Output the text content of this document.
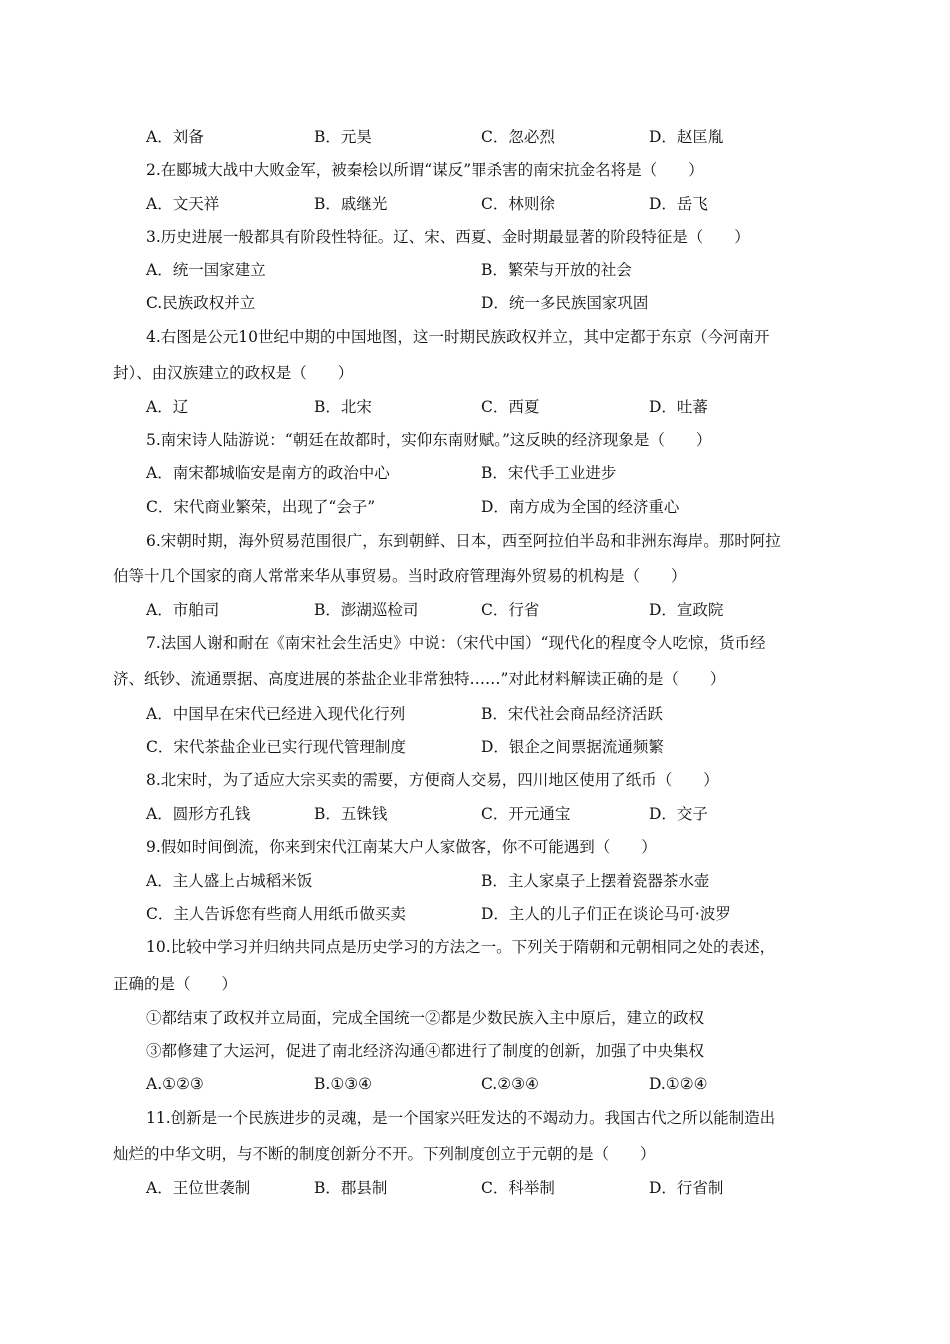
A．刘备	B．元昊	C．忽必烈	D．赵匡胤
2.在郾城大战中大败金军，被秦桧以所谓“谋反”罪杀害的南宋抗金名将是（　　）
A．文天祥	B．戚继光	C．林则徐	D．岳飞
3.历史进展一般都具有阶段性特征。辽、宋、西夏、金时期最显著的阶段特征是（　　）
A．统一国家建立	B．繁荣与开放的社会
C.民族政权并立	D．统一多民族国家巩固
4.右图是公元10世纪中期的中国地图，这一时期民族政权并立，其中定都于东京（今河南开
封）、由汉族建立的政权是（　　）
A．辽	B．北宋	C．西夏	D．吐蕃
5.南宋诗人陆游说：“朝廷在故都时，实仰东南财赋。”这反映的经济现象是（　　）
A．南宋都城临安是南方的政治中心	B．宋代手工业进步
C．宋代商业繁荣，出现了“会子”	D．南方成为全国的经济重心
6.宋朝时期，海外贸易范围很广，东到朝鲜、日本，西至阿拉伯半岛和非洲东海岸。那时阿拉
伯等十几个国家的商人常常来华从事贸易。当时政府管理海外贸易的机构是（　　）
A．市舶司	B．澎湖巡检司	C．行省	D．宣政院
7.法国人谢和耐在《南宋社会生活史》中说：（宋代中国）“现代化的程度令人吃惊，货币经
济、纸钞、流通票据、高度进展的茶盐企业非常独特……”对此材料解读正确的是（　　）
A．中国早在宋代已经进入现代化行列	B．宋代社会商品经济活跃
C．宋代茶盐企业已实行现代管理制度	D．银企之间票据流通频繁
8.北宋时，为了适应大宗买卖的需要，方便商人交易，四川地区使用了纸币（　　）
A．圆形方孔钱	B．五铢钱	C．开元通宝	D．交子
9.假如时间倒流，你来到宋代江南某大户人家做客，你不可能遇到（　　）
A．主人盛上占城稻米饭	B．主人家桌子上摆着瓷器茶水壶
C．主人告诉您有些商人用纸币做买卖	D．主人的儿子们正在谈论马可·波罗
10.比较中学习并归纳共同点是历史学习的方法之一。下列关于隋朝和元朝相同之处的表述，
正确的是（　　）
①都结束了政权并立局面，完成全国统一②都是少数民族入主中原后，建立的政权
③都修建了大运河，促进了南北经济沟通④都进行了制度的创新，加强了中央集权
A.①②③	B.①③④	C.②③④	D.①②④
11.创新是一个民族进步的灵魂，是一个国家兴旺发达的不竭动力。我国古代之所以能制造出
灿烂的中华文明，与不断的制度创新分不开。下列制度创立于元朝的是（　　）
A．王位世袭制	B．郡县制	C．科举制	D．行省制
